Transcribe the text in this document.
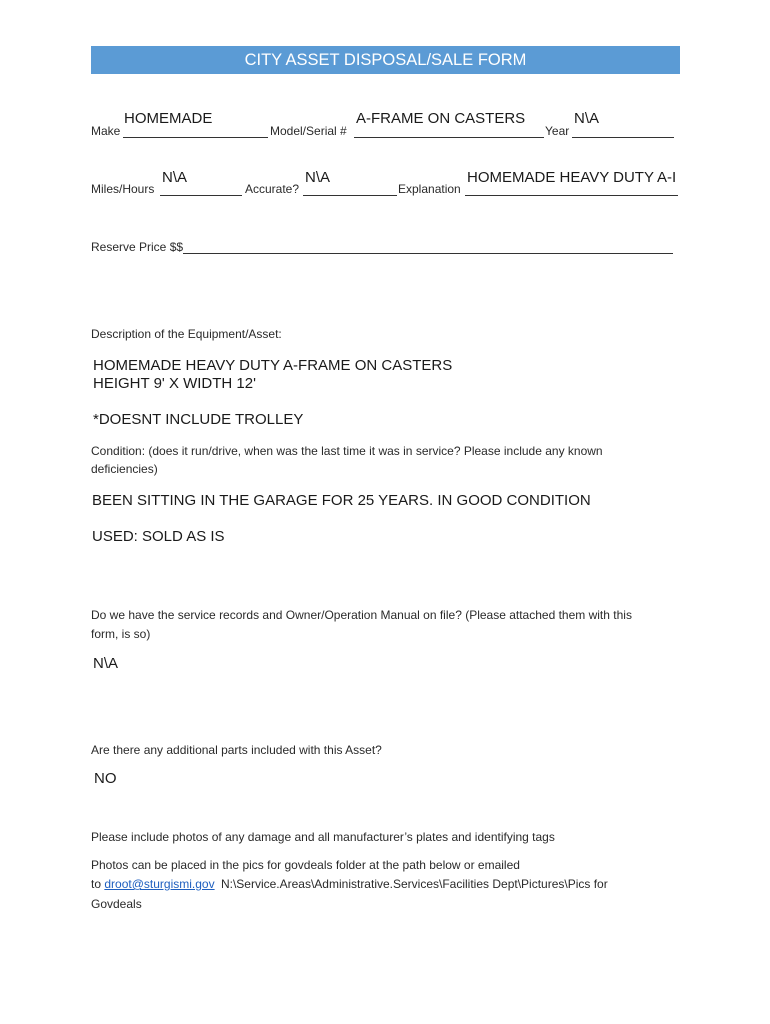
CITY ASSET DISPOSAL/SALE FORM
HOMEMADE	A-FRAME ON CASTERS	N\A
Make	Model/Serial #	Year
N\A	N\A	HOMEMADE HEAVY DUTY A-I
Miles/Hours	Accurate?	Explanation
Reserve Price $$
Description of the Equipment/Asset:
HOMEMADE HEAVY DUTY A-FRAME ON CASTERS
HEIGHT 9' X WIDTH 12'
*DOESNT INCLUDE TROLLEY
Condition: (does it run/drive, when was the last time it was in service? Please include any known
deficiencies)
BEEN SITTING IN THE GARAGE FOR 25 YEARS. IN GOOD CONDITION
USED: SOLD AS IS
Do we have the service records and Owner/Operation Manual on file? (Please attached them with this
form, is so)
N\A
Are there any additional parts included with this Asset?
NO
Please include photos of any damage and all manufacturer’s plates and identifying tags
Photos can be placed in the pics for govdeals folder at the path below or emailed
to droot@sturgismi.gov N:\Service.Areas\Administrative.Services\Facilities Dept\Pictures\Pics for
Govdeals
